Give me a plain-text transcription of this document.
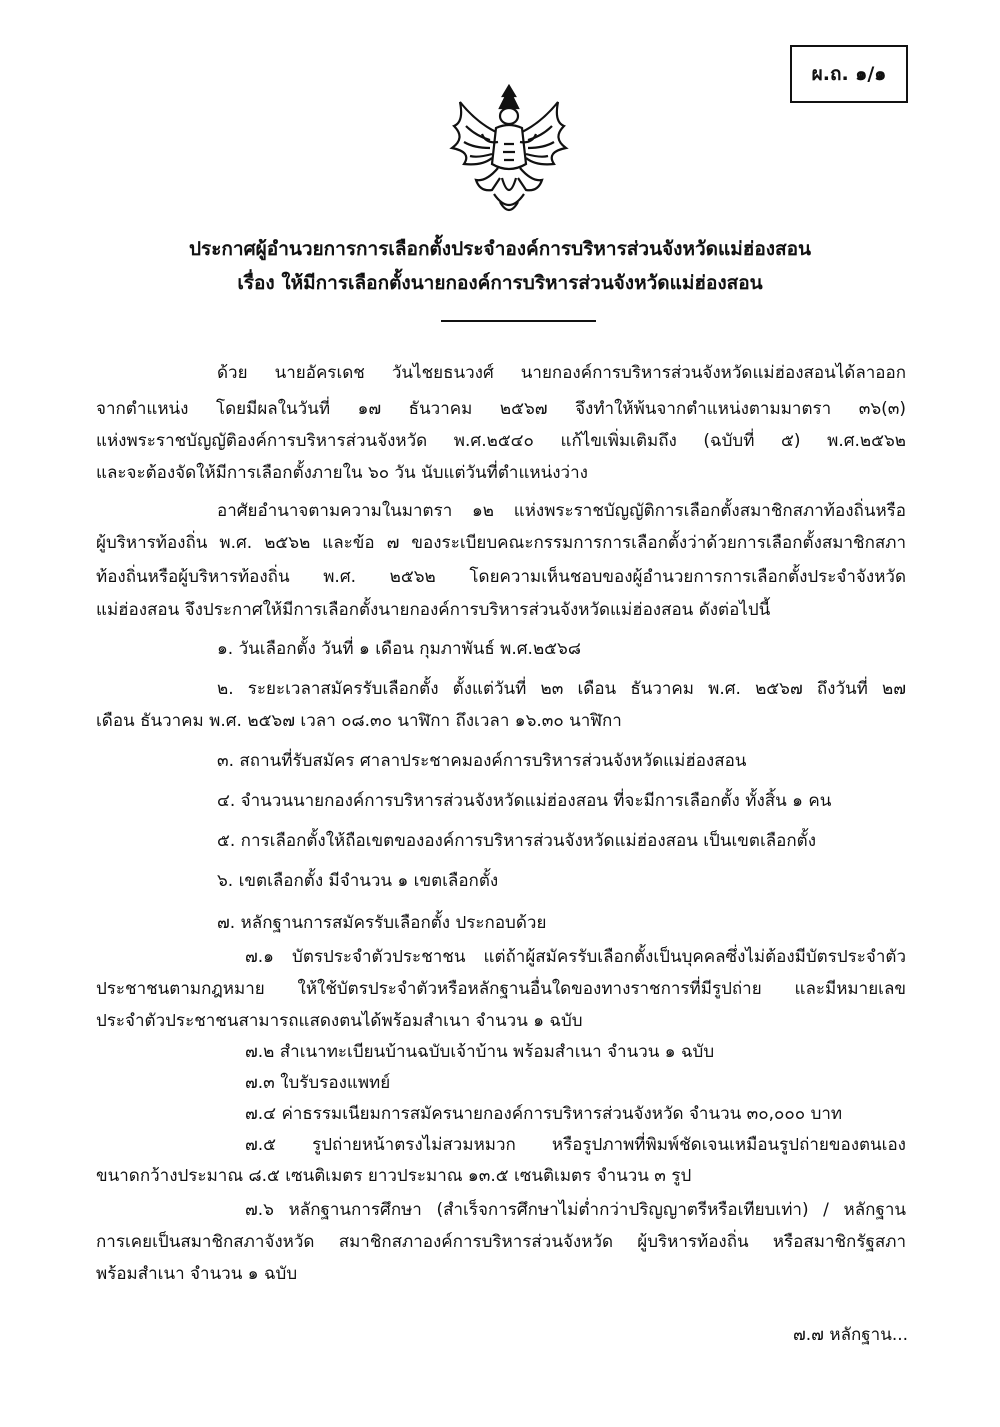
ผ.ถ. ๑/๑
ประกาศผู้อำนวยการการเลือกตั้งประจำองค์การบริหารส่วนจังหวัดแม่ฮ่องสอน
เรื่อง ให้มีการเลือกตั้งนายกองค์การบริหารส่วนจังหวัดแม่ฮ่องสอน
ด้วย นายอัครเดช วันไชยธนวงศ์ นายกองค์การบริหารส่วนจังหวัดแม่ฮ่องสอนได้ลาออก
จากตำแหน่ง โดยมีผลในวันที่ ๑๗ ธันวาคม ๒๕๖๗ จึงทำให้พ้นจากตำแหน่งตามมาตรา ๓๖(๓)
แห่งพระราชบัญญัติองค์การบริหารส่วนจังหวัด พ.ศ.๒๕๔๐ แก้ไขเพิ่มเติมถึง (ฉบับที่ ๕) พ.ศ.๒๕๖๒
และจะต้องจัดให้มีการเลือกตั้งภายใน ๖๐ วัน นับแต่วันที่ตำแหน่งว่าง
อาศัยอำนาจตามความในมาตรา ๑๒ แห่งพระราชบัญญัติการเลือกตั้งสมาชิกสภาท้องถิ่นหรือ
ผู้บริหารท้องถิ่น พ.ศ. ๒๕๖๒ และข้อ ๗ ของระเบียบคณะกรรมการการเลือกตั้งว่าด้วยการเลือกตั้งสมาชิกสภา
ท้องถิ่นหรือผู้บริหารท้องถิ่น พ.ศ. ๒๕๖๒ โดยความเห็นชอบของผู้อำนวยการการเลือกตั้งประจำจังหวัด
แม่ฮ่องสอน จึงประกาศให้มีการเลือกตั้งนายกองค์การบริหารส่วนจังหวัดแม่ฮ่องสอน ดังต่อไปนี้
๑. วันเลือกตั้ง วันที่ ๑ เดือน กุมภาพันธ์ พ.ศ.๒๕๖๘
๒. ระยะเวลาสมัครรับเลือกตั้ง ตั้งแต่วันที่ ๒๓ เดือน ธันวาคม พ.ศ. ๒๕๖๗ ถึงวันที่ ๒๗
เดือน ธันวาคม พ.ศ. ๒๕๖๗ เวลา ๐๘.๓๐ นาฬิกา ถึงเวลา ๑๖.๓๐ นาฬิกา
๓. สถานที่รับสมัคร ศาลาประชาคมองค์การบริหารส่วนจังหวัดแม่ฮ่องสอน
๔. จำนวนนายกองค์การบริหารส่วนจังหวัดแม่ฮ่องสอน ที่จะมีการเลือกตั้ง ทั้งสิ้น ๑ คน
๕. การเลือกตั้งให้ถือเขตขององค์การบริหารส่วนจังหวัดแม่ฮ่องสอน เป็นเขตเลือกตั้ง
๖. เขตเลือกตั้ง มีจำนวน ๑ เขตเลือกตั้ง
๗. หลักฐานการสมัครรับเลือกตั้ง ประกอบด้วย
๗.๑ บัตรประจำตัวประชาชน แต่ถ้าผู้สมัครรับเลือกตั้งเป็นบุคคลซึ่งไม่ต้องมีบัตรประจำตัว
ประชาชนตามกฎหมาย ให้ใช้บัตรประจำตัวหรือหลักฐานอื่นใดของทางราชการที่มีรูปถ่าย และมีหมายเลข
ประจำตัวประชาชนสามารถแสดงตนได้พร้อมสำเนา จำนวน ๑ ฉบับ
๗.๒ สำเนาทะเบียนบ้านฉบับเจ้าบ้าน พร้อมสำเนา จำนวน ๑ ฉบับ
๗.๓ ใบรับรองแพทย์
๗.๔ ค่าธรรมเนียมการสมัครนายกองค์การบริหารส่วนจังหวัด จำนวน ๓๐,๐๐๐ บาท
๗.๕ รูปถ่ายหน้าตรงไม่สวมหมวก หรือรูปภาพที่พิมพ์ชัดเจนเหมือนรูปถ่ายของตนเอง
ขนาดกว้างประมาณ ๘.๕ เซนติเมตร ยาวประมาณ ๑๓.๕ เซนติเมตร จำนวน ๓ รูป
๗.๖ หลักฐานการศึกษา (สำเร็จการศึกษาไม่ต่ำกว่าปริญญาตรีหรือเทียบเท่า) / หลักฐาน
การเคยเป็นสมาชิกสภาจังหวัด สมาชิกสภาองค์การบริหารส่วนจังหวัด ผู้บริหารท้องถิ่น หรือสมาชิกรัฐสภา
พร้อมสำเนา จำนวน ๑ ฉบับ
๗.๗ หลักฐาน...
